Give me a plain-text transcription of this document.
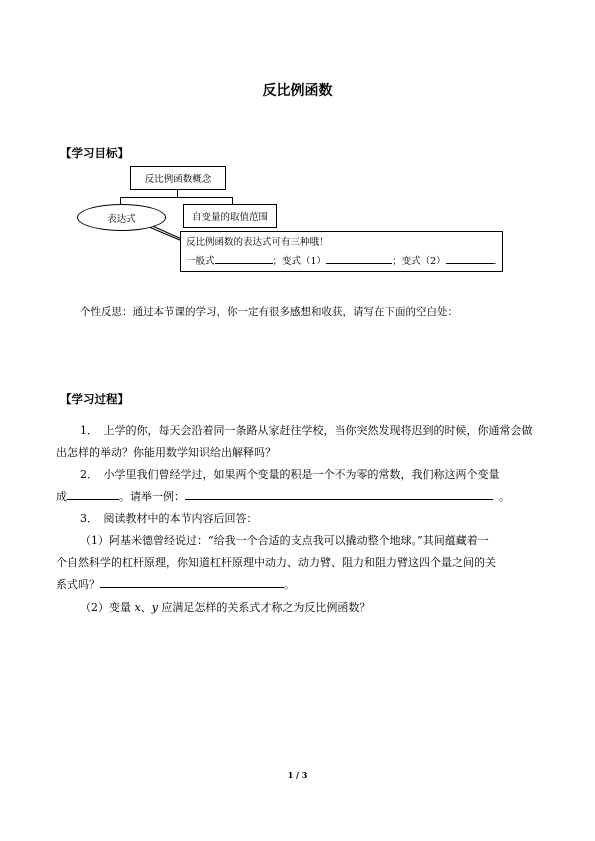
反比例函数
【学习目标】
反比例函数概念
表达式	自变量的取值范围
反比例函数的表达式可有三种哦！
一般式	；变式（1）	；变式（2）	.
个性反思：通过本节课的学习，你一定有很多感想和收获，请写在下面的空白处：
【学习过程】
1．　上学的你，每天会沿着同一条路从家赶往学校，当你突然发现将迟到的时候，你通常会做出怎样的举动？你能用数学知识给出解释吗？
2．　小学里我们曾经学过，如果两个变量的积是一个不为零的常数，我们称这两个变量
成	。请举一例：	。
3．　阅读教材中的本节内容后回答：
（1）阿基米德曾经说过：“给我一个合适的支点我可以撬动整个地球。”其间蕴藏着一
个自然科学的杠杆原理，你知道杠杆原理中动力、动力臂、阻力和阻力臂这四个量之间的关
系式吗？	。
（2）变量 x、y 应满足怎样的关系式才称之为反比例函数？
1 / 3
